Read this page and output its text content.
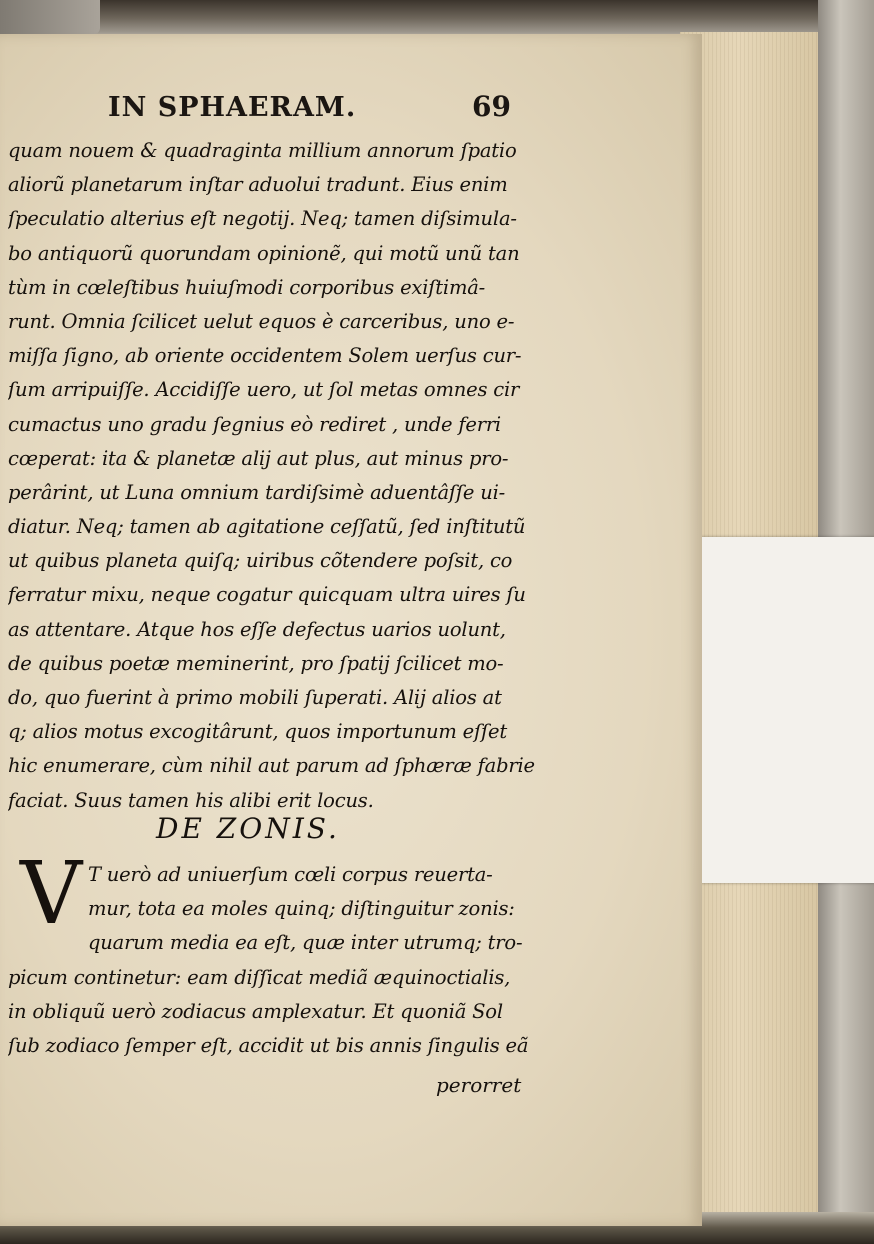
IN SPHAERAM.	69
quam nouem & quadraginta millium annorum ſpatio
aliorũ planetarum inſtar aduolui tradunt. Eius enim
ſpeculatio alterius eſt negotij. Neq; tamen diſsimula-
bo antiquorũ quorundam opinionẽ, qui motũ unũ tan
tùm in cœleſtibus huiuſmodi corporibus exiſtimâ-
runt. Omnia ſcilicet uelut equos è carceribus, uno e-
miſſa ſigno, ab oriente occidentem Solem uerſus cur-
ſum arripuiſſe. Accidiſſe uero, ut ſol metas omnes cir
cumactus uno gradu ſegnius eò rediret , unde ferri
cœperat: ita & planetæ alij aut plus, aut minus pro-
perârint, ut Luna omnium tardiſsimè aduentâſſe ui-
diatur. Neq; tamen ab agitatione ceſſatũ, ſed inſtitutũ
ut quibus planeta quiſq; uiribus cõtendere poſsit, co
ferratur mixu, neque cogatur quicquam ultra uires ſu
as attentare. Atque hos eſſe defectus uarios uolunt,
de quibus poetæ meminerint, pro ſpatij ſcilicet mo-
do, quo fuerint à primo mobili ſuperati. Alij alios at
q; alios motus excogitârunt, quos importunum eſſet
hic enumerare, cùm nihil aut parum ad ſphæræ fabrie
faciat. Suus tamen his alibi erit locus.
DE ZONIS.
V T uerò ad uniuerſum cœli corpus reuerta-
mur, tota ea moles quinq; diſtinguitur zonis:
quarum media ea eſt, quæ inter utrumq; tro-
picum continetur: eam diſſicat mediã æquinoctialis,
in obliquũ uerò zodiacus amplexatur. Et quoniã Sol
ſub zodiaco ſemper eſt, accidit ut bis annis ſingulis eã
perorret
